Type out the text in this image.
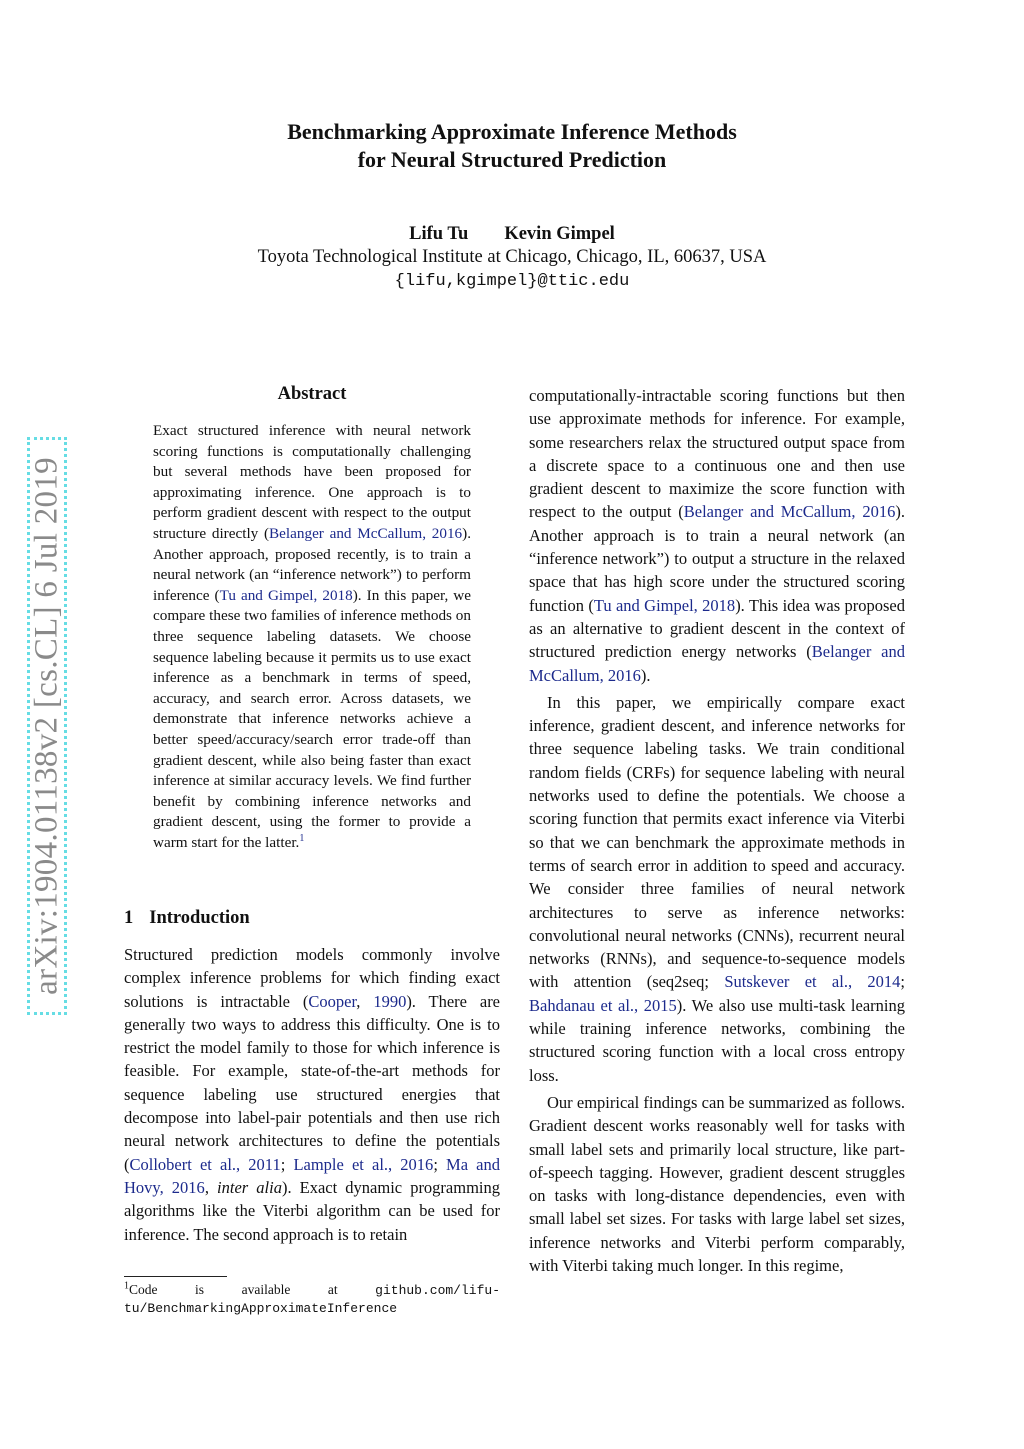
arXiv:1904.01138v2 [cs.CL] 6 Jul 2019
Benchmarking Approximate Inference Methods
for Neural Structured Prediction
Lifu Tu Kevin Gimpel
Toyota Technological Institute at Chicago, Chicago, IL, 60637, USA
{lifu,kgimpel}@ttic.edu
Abstract

Exact structured inference with neural network scoring functions is computationally challenging but several methods have been proposed for approximating inference. One approach is to perform gradient descent with respect to the output structure directly (Belanger and McCallum, 2016). Another approach, proposed recently, is to train a neural network (an “inference network”) to perform inference (Tu and Gimpel, 2018). In this paper, we compare these two families of inference methods on three sequence labeling datasets. We choose sequence labeling because it permits us to use exact inference as a benchmark in terms of speed, accuracy, and search error. Across datasets, we demonstrate that inference networks achieve a better speed/accuracy/search error trade-off than gradient descent, while also being faster than exact inference at similar accuracy levels. We find further benefit by combining inference networks and gradient descent, using the former to provide a warm start for the latter.$^1$

1 Introduction

Structured prediction models commonly involve complex inference problems for which finding exact solutions is intractable (Cooper, 1990). There are generally two ways to address this difficulty. One is to restrict the model family to those for which inference is feasible. For example, state-of-the-art methods for sequence labeling use structured energies that decompose into label-pair potentials and then use rich neural network architectures to define the potentials (Collobert et al., 2011; Lample et al., 2016; Ma and Hovy, 2016, inter alia). Exact dynamic programming algorithms like the Viterbi algorithm can be used for inference. The second approach is to retain

$^1$Code is available at github.com/lifu-tu/BenchmarkingApproximateInference

computationally-intractable scoring functions but then use approximate methods for inference. For example, some researchers relax the structured output space from a discrete space to a continuous one and then use gradient descent to maximize the score function with respect to the output (Belanger and McCallum, 2016). Another approach is to train a neural network (an “inference network”) to output a structure in the relaxed space that has high score under the structured scoring function (Tu and Gimpel, 2018). This idea was proposed as an alternative to gradient descent in the context of structured prediction energy networks (Belanger and McCallum, 2016).

In this paper, we empirically compare exact inference, gradient descent, and inference networks for three sequence labeling tasks. We train conditional random fields (CRFs) for sequence labeling with neural networks used to define the potentials. We choose a scoring function that permits exact inference via Viterbi so that we can benchmark the approximate methods in terms of search error in addition to speed and accuracy. We consider three families of neural network architectures to serve as inference networks: convolutional neural networks (CNNs), recurrent neural networks (RNNs), and sequence-to-sequence models with attention (seq2seq; Sutskever et al., 2014; Bahdanau et al., 2015). We also use multi-task learning while training inference networks, combining the structured scoring function with a local cross entropy loss.

Our empirical findings can be summarized as follows. Gradient descent works reasonably well for tasks with small label sets and primarily local structure, like part-of-speech tagging. However, gradient descent struggles on tasks with long-distance dependencies, even with small label set sizes. For tasks with large label set sizes, inference networks and Viterbi perform comparably, with Viterbi taking much longer. In this regime,
